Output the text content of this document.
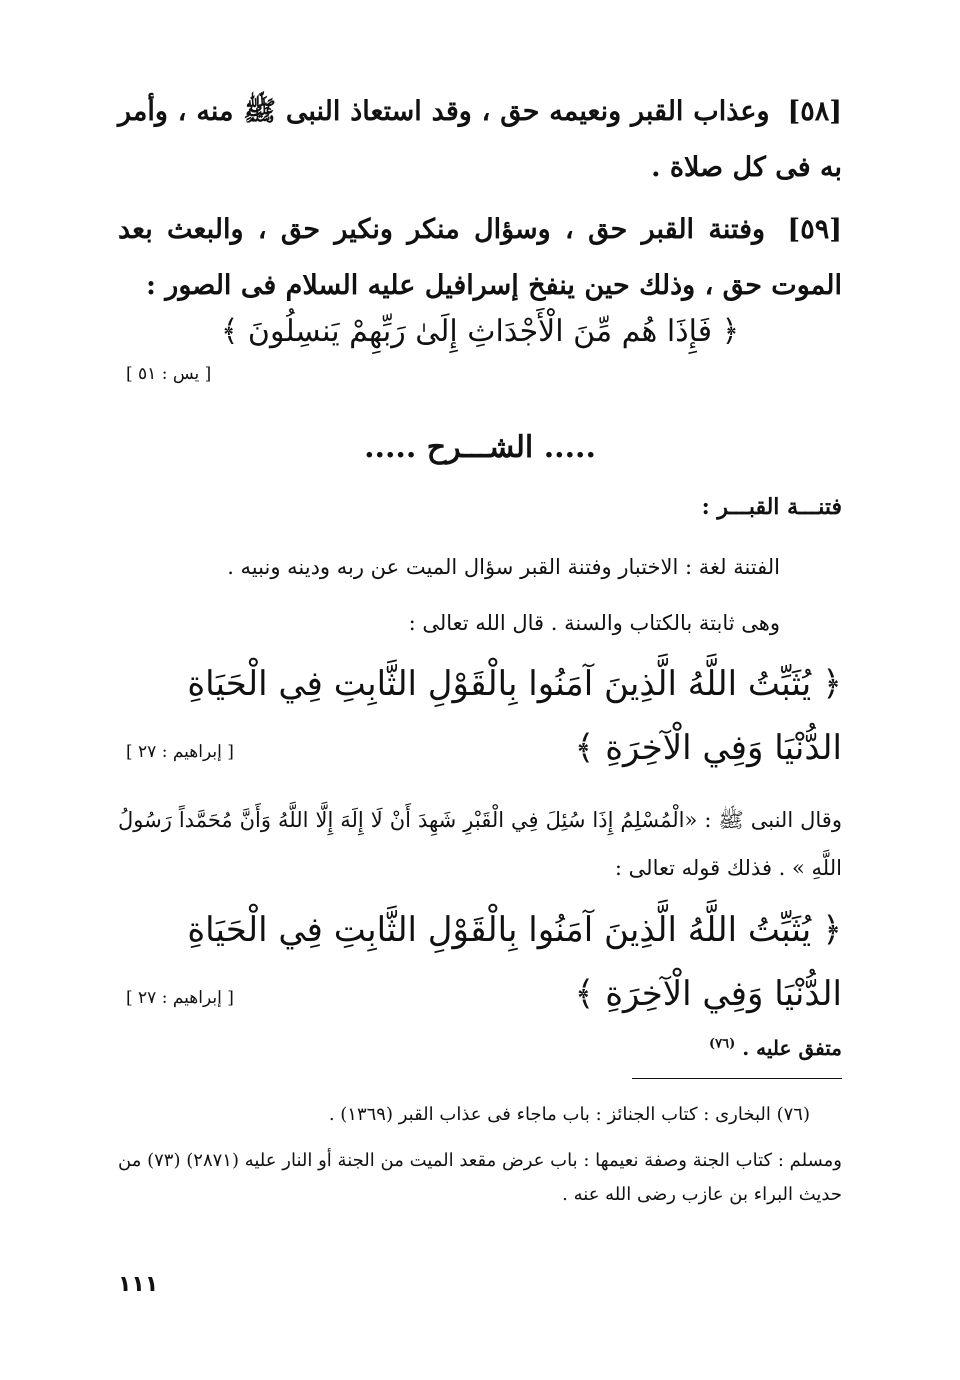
[٥٨] وعذاب القبر ونعيمه حق ، وقد استعاذ النبى ﷺ منه ، وأمر به فى كل صلاة .
[٥٩] وفتنة القبر حق ، وسؤال منكر ونكير حق ، والبعث بعد الموت حق ، وذلك حين ينفخ إسرافيل عليه السلام فى الصور :
﴿ فَإِذَا هُم مِّنَ الْأَجْدَاثِ إِلَىٰ رَبِّهِمْ يَنسِلُونَ ﴾
[ يس : ٥١ ]
..... الشـــرح .....
فتنـــة القبـــر :
الفتنة لغة : الاختبار وفتنة القبر سؤال الميت عن ربه ودينه ونبيه .
وهى ثابتة بالكتاب والسنة . قال الله تعالى :
﴿ يُثَبِّتُ اللَّهُ الَّذِينَ آمَنُوا بِالْقَوْلِ الثَّابِتِ فِي الْحَيَاةِ الدُّنْيَا وَفِي الْآخِرَةِ ﴾
[ إبراهيم : ٢٧ ]
وقال النبى ﷺ : «الْمُسْلِمُ إِذَا سُئِلَ فِي الْقَبْرِ شَهِدَ أَنْ لَا إِلَهَ إِلَّا اللَّهُ وَأَنَّ مُحَمَّداً رَسُولُ اللَّهِ » . فذلك قوله تعالى :
﴿ يُثَبِّتُ اللَّهُ الَّذِينَ آمَنُوا بِالْقَوْلِ الثَّابِتِ فِي الْحَيَاةِ الدُّنْيَا وَفِي الْآخِرَةِ ﴾
[ إبراهيم : ٢٧ ]
متفق عليه . $^{(٧٦)}$
(٧٦) البخارى : كتاب الجنائز : باب ماجاء فى عذاب القبر (١٣٦٩) .
ومسلم : كتاب الجنة وصفة نعيمها : باب عرض مقعد الميت من الجنة أو النار عليه (٢٨٧١) (٧٣) من حديث البراء بن عازب رضى الله عنه .
١١١
